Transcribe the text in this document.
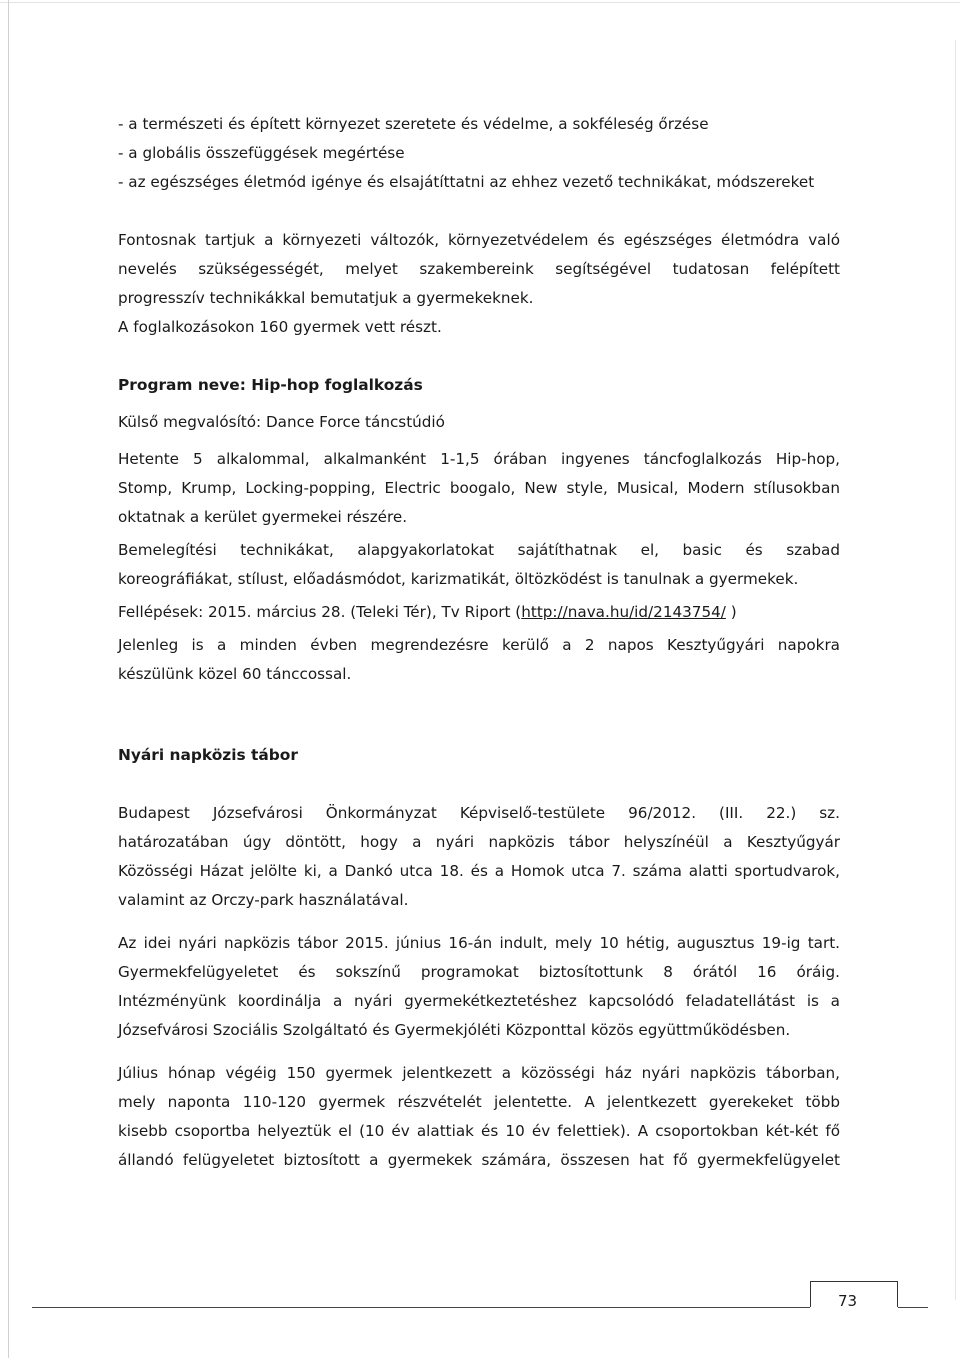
- a természeti és épített környezet szeretete és védelme, a sokféleség őrzése

- a globális összefüggések megértése

- az egészséges életmód igénye és elsajátíttatni az ehhez vezető technikákat, módszereket

Fontosnak tartjuk a környezeti változók, környezetvédelem és egészséges életmódra való

nevelés szükségességét, melyet szakembereink segítségével tudatosan felépített

progresszív technikákkal bemutatjuk a gyermekeknek.

A foglalkozásokon 160 gyermek vett részt.

Program neve: Hip-hop foglalkozás

Külső megvalósító: Dance Force táncstúdió

Hetente 5 alkalommal, alkalmanként 1-1,5 órában ingyenes táncfoglalkozás Hip-hop,

Stomp, Krump, Locking-popping, Electric boogalo, New style, Musical, Modern stílusokban

oktatnak a kerület gyermekei részére.

Bemelegítési technikákat, alapgyakorlatokat sajátíthatnak el, basic és szabad

koreográfiákat, stílust, előadásmódot, karizmatikát, öltözködést is tanulnak a gyermekek.

Fellépések: 2015. március 28. (Teleki Tér), Tv Riport (http://nava.hu/id/2143754/ )

Jelenleg is a minden évben megrendezésre kerülő a 2 napos Kesztyűgyári napokra

készülünk közel 60 tánccossal.

Nyári napközis tábor

Budapest Józsefvárosi Önkormányzat Képviselő-testülete 96/2012. (III. 22.) sz.

határozatában úgy döntött, hogy a nyári napközis tábor helyszínéül a Kesztyűgyár

Közösségi Házat jelölte ki, a Dankó utca 18. és a Homok utca 7. száma alatti sportudvarok,

valamint az Orczy-park használatával.

Az idei nyári napközis tábor 2015. június 16-án indult, mely 10 hétig, augusztus 19-ig tart.

Gyermekfelügyeletet és sokszínű programokat biztosítottunk 8 órától 16 óráig.

Intézményünk koordinálja a nyári gyermekétkeztetéshez kapcsolódó feladatellátást is a

Józsefvárosi Szociális Szolgáltató és Gyermekjóléti Központtal közös együttműködésben.

Július hónap végéig 150 gyermek jelentkezett a közösségi ház nyári napközis táborban,

mely naponta 110-120 gyermek részvételét jelentette. A jelentkezett gyerekeket több

kisebb csoportba helyeztük el (10 év alattiak és 10 év felettiek). A csoportokban két-két fő

állandó felügyeletet biztosított a gyermekek számára, összesen hat fő gyermekfelügyelet

73
